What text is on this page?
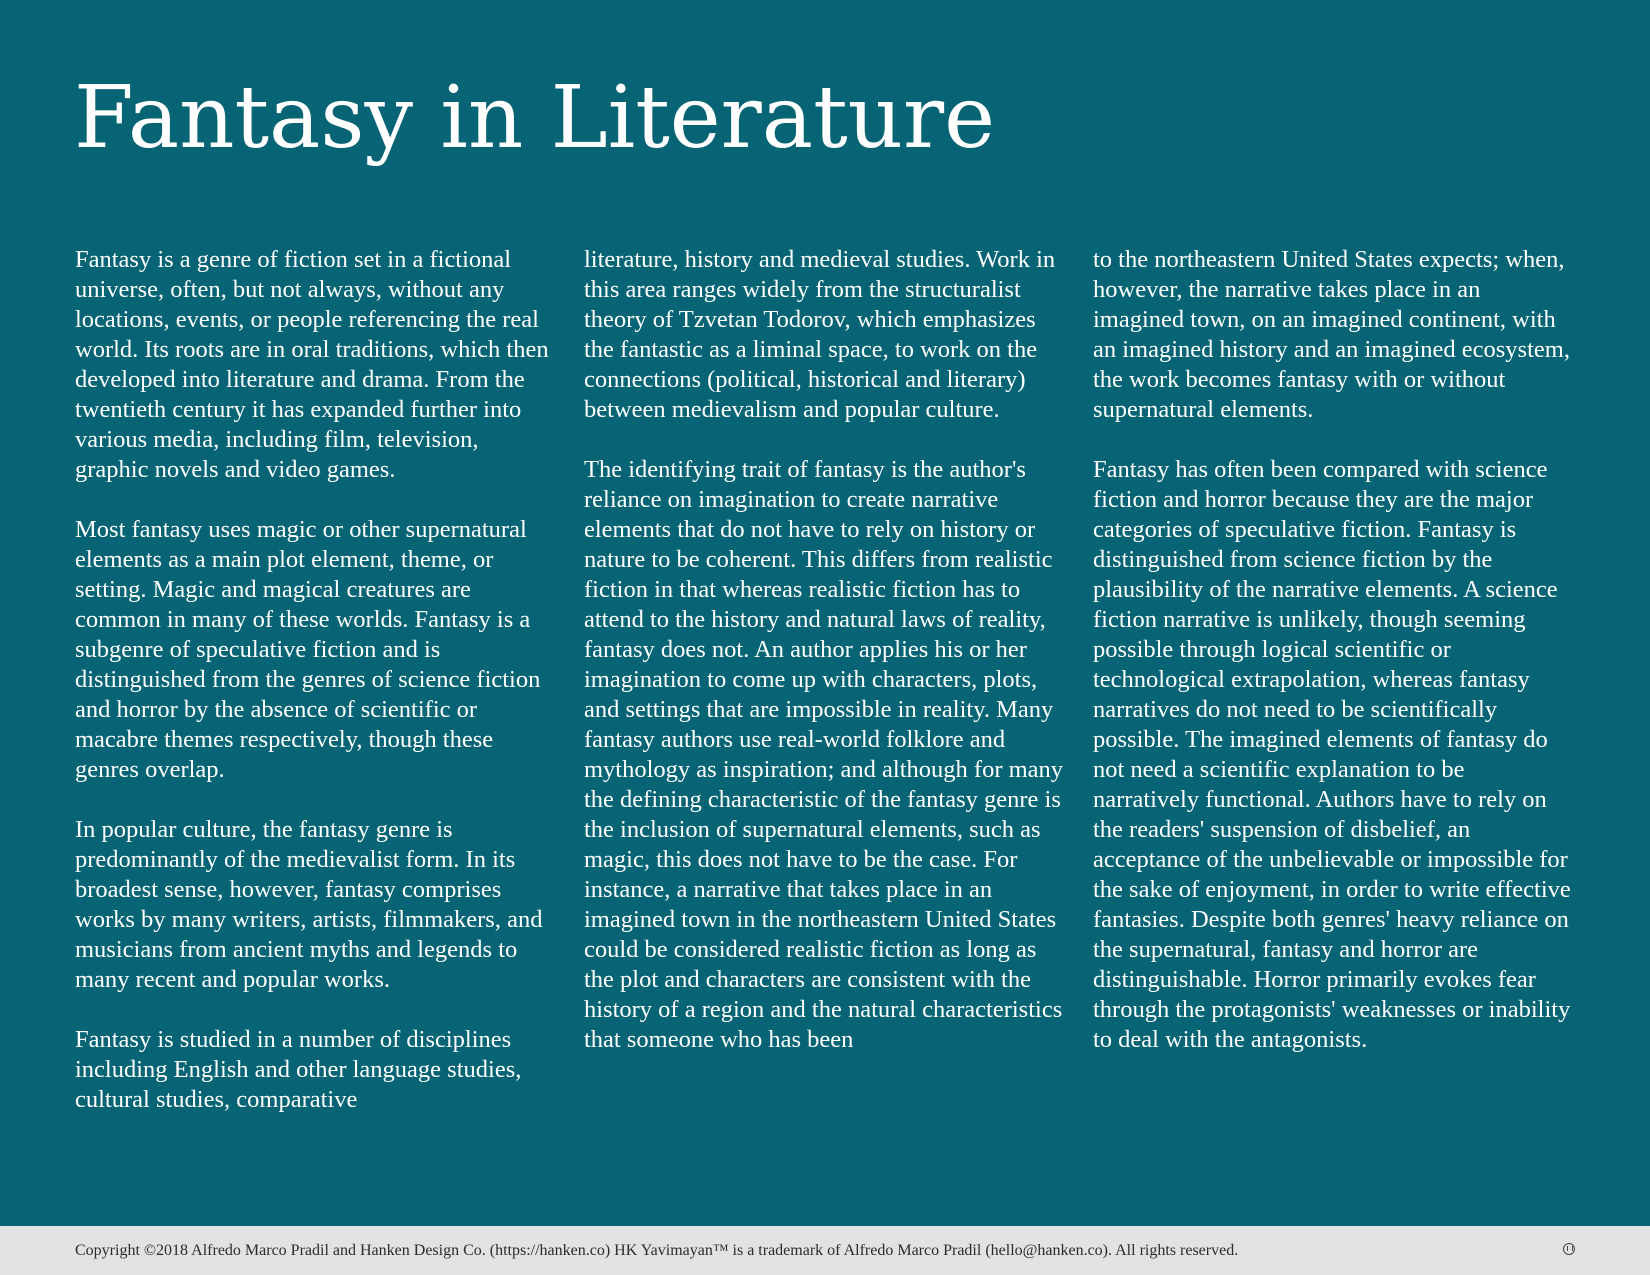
Fantasy in Literature

Fantasy is a genre of fiction set in a fictional universe, often, but not always, without any locations, events, or people referencing the real world. Its roots are in oral traditions, which then developed into literature and drama. From the twentieth century it has expanded further into various media, including film, television, graphic novels and video games.

Most fantasy uses magic or other supernatural elements as a main plot element, theme, or setting. Magic and magical creatures are common in many of these worlds. Fantasy is a subgenre of speculative fiction and is distinguished from the genres of science fiction and horror by the absence of scientific or macabre themes respectively, though these genres overlap.

In popular culture, the fantasy genre is predominantly of the medievalist form. In its broadest sense, however, fantasy comprises works by many writers, artists, filmmakers, and musicians from ancient myths and legends to many recent and popular works.

Fantasy is studied in a number of disciplines including English and other language studies, cultural studies, comparative

literature, history and medieval studies. Work in this area ranges widely from the structuralist theory of Tzvetan Todorov, which emphasizes the fantastic as a liminal space, to work on the connections (political, historical and literary) between medievalism and popular culture.

The identifying trait of fantasy is the author's reliance on imagination to create narrative elements that do not have to rely on history or nature to be coherent. This differs from realistic fiction in that whereas realistic fiction has to attend to the history and natural laws of reality, fantasy does not. An author applies his or her imagination to come up with characters, plots, and settings that are impossible in reality. Many fantasy authors use real-world folklore and mythology as inspiration; and although for many the defining characteristic of the fantasy genre is the inclusion of supernatural elements, such as magic, this does not have to be the case. For instance, a narrative that takes place in an imagined town in the northeastern United States could be considered realistic fiction as long as the plot and characters are consistent with the history of a region and the natural characteristics that someone who has been

to the northeastern United States expects; when, however, the narrative takes place in an imagined town, on an imagined continent, with an imagined history and an imagined ecosystem, the work becomes fantasy with or without supernatural elements.

Fantasy has often been compared with science fiction and horror because they are the major categories of speculative fiction. Fantasy is distinguished from science fiction by the plausibility of the narrative elements. A science fiction narrative is unlikely, though seeming possible through logical scientific or technological extrapolation, whereas fantasy narratives do not need to be scientifically possible. The imagined elements of fantasy do not need a scientific explanation to be narratively functional. Authors have to rely on the readers' suspension of disbelief, an acceptance of the unbelievable or impossible for the sake of enjoyment, in order to write effective fantasies. Despite both genres' heavy reliance on the supernatural, fantasy and horror are distinguishable. Horror primarily evokes fear through the protagonists' weaknesses or inability to deal with the antagonists.

Copyright ©2018 Alfredo Marco Pradil and Hanken Design Co. (https://hanken.co) HK Yavimayan™ is a trademark of Alfredo Marco Pradil (hello@hanken.co). All rights reserved.
